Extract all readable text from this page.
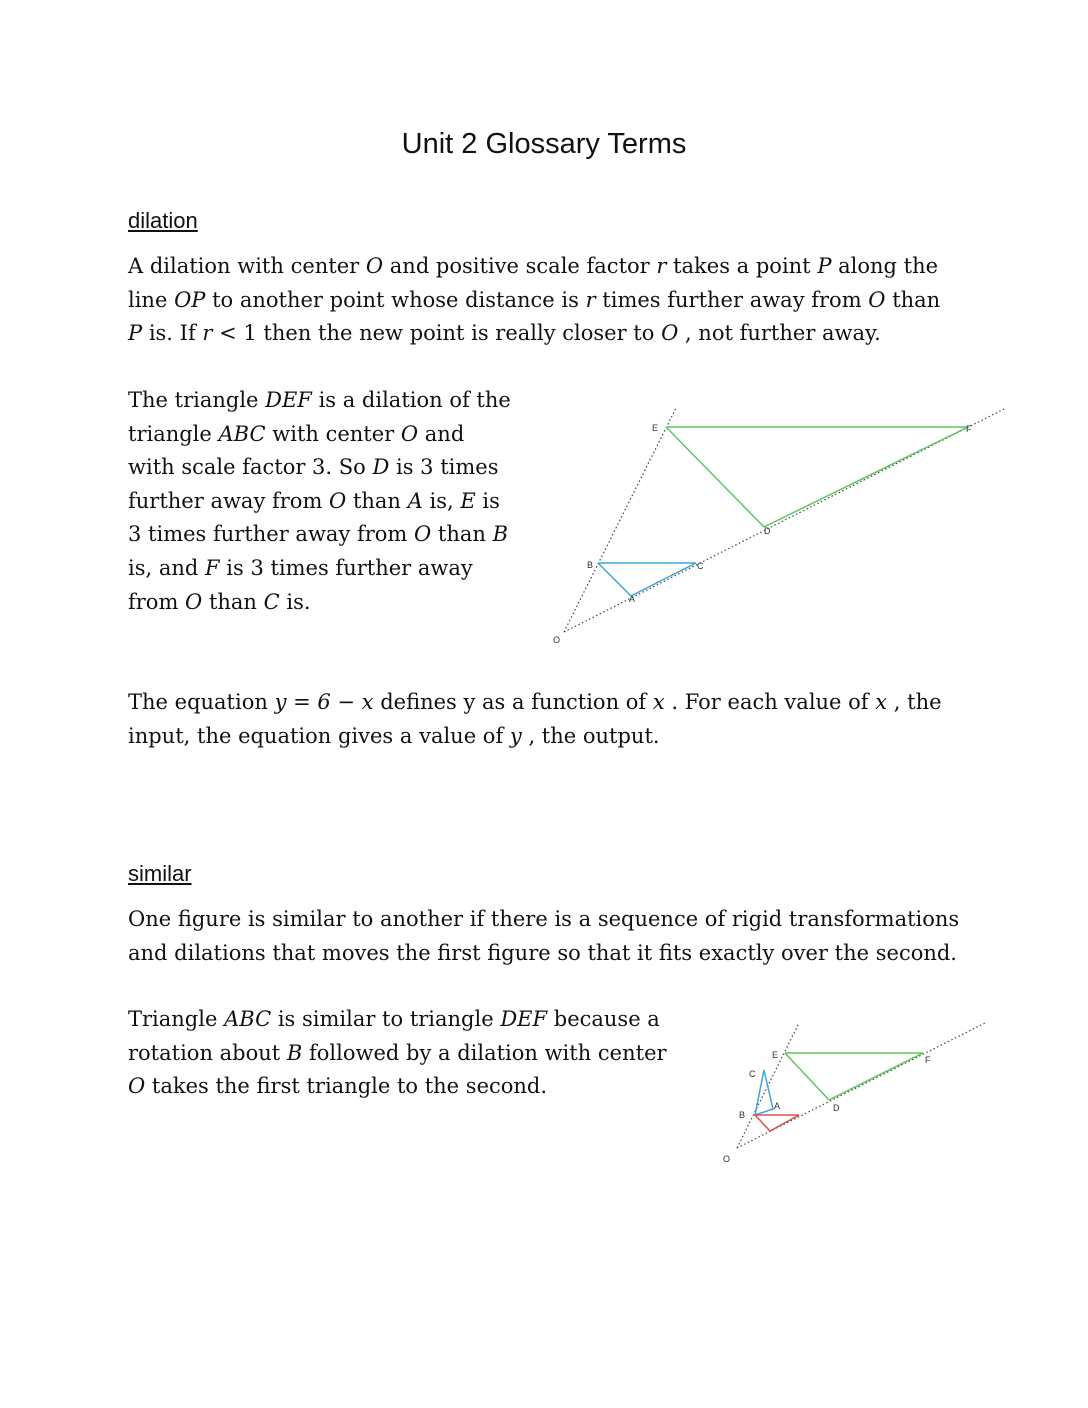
Unit 2 Glossary Terms
dilation

A dilation with center O and positive scale factor r takes a point P along the
line OP to another point whose distance is r times further away from O than
P is. If r < 1 then the new point is really closer to O , not further away.

The triangle DEF is a dilation of the
triangle ABC with center O and
with scale factor 3. So D is 3 times
further away from O than A is, E is
3 times further away from O than B
is, and F is 3 times further away
from O than C is.

E	F
D
B	C
A
O

The equation y = 6 − x defines y as a function of x . For each value of x , the
input, the equation gives a value of y , the output.

similar

One figure is similar to another if there is a sequence of rigid transformations
and dilations that moves the first figure so that it fits exactly over the second.

Triangle ABC is similar to triangle DEF because a
rotation about B followed by a dilation with center
O takes the first triangle to the second.

E	F
C
A	D
B
O
